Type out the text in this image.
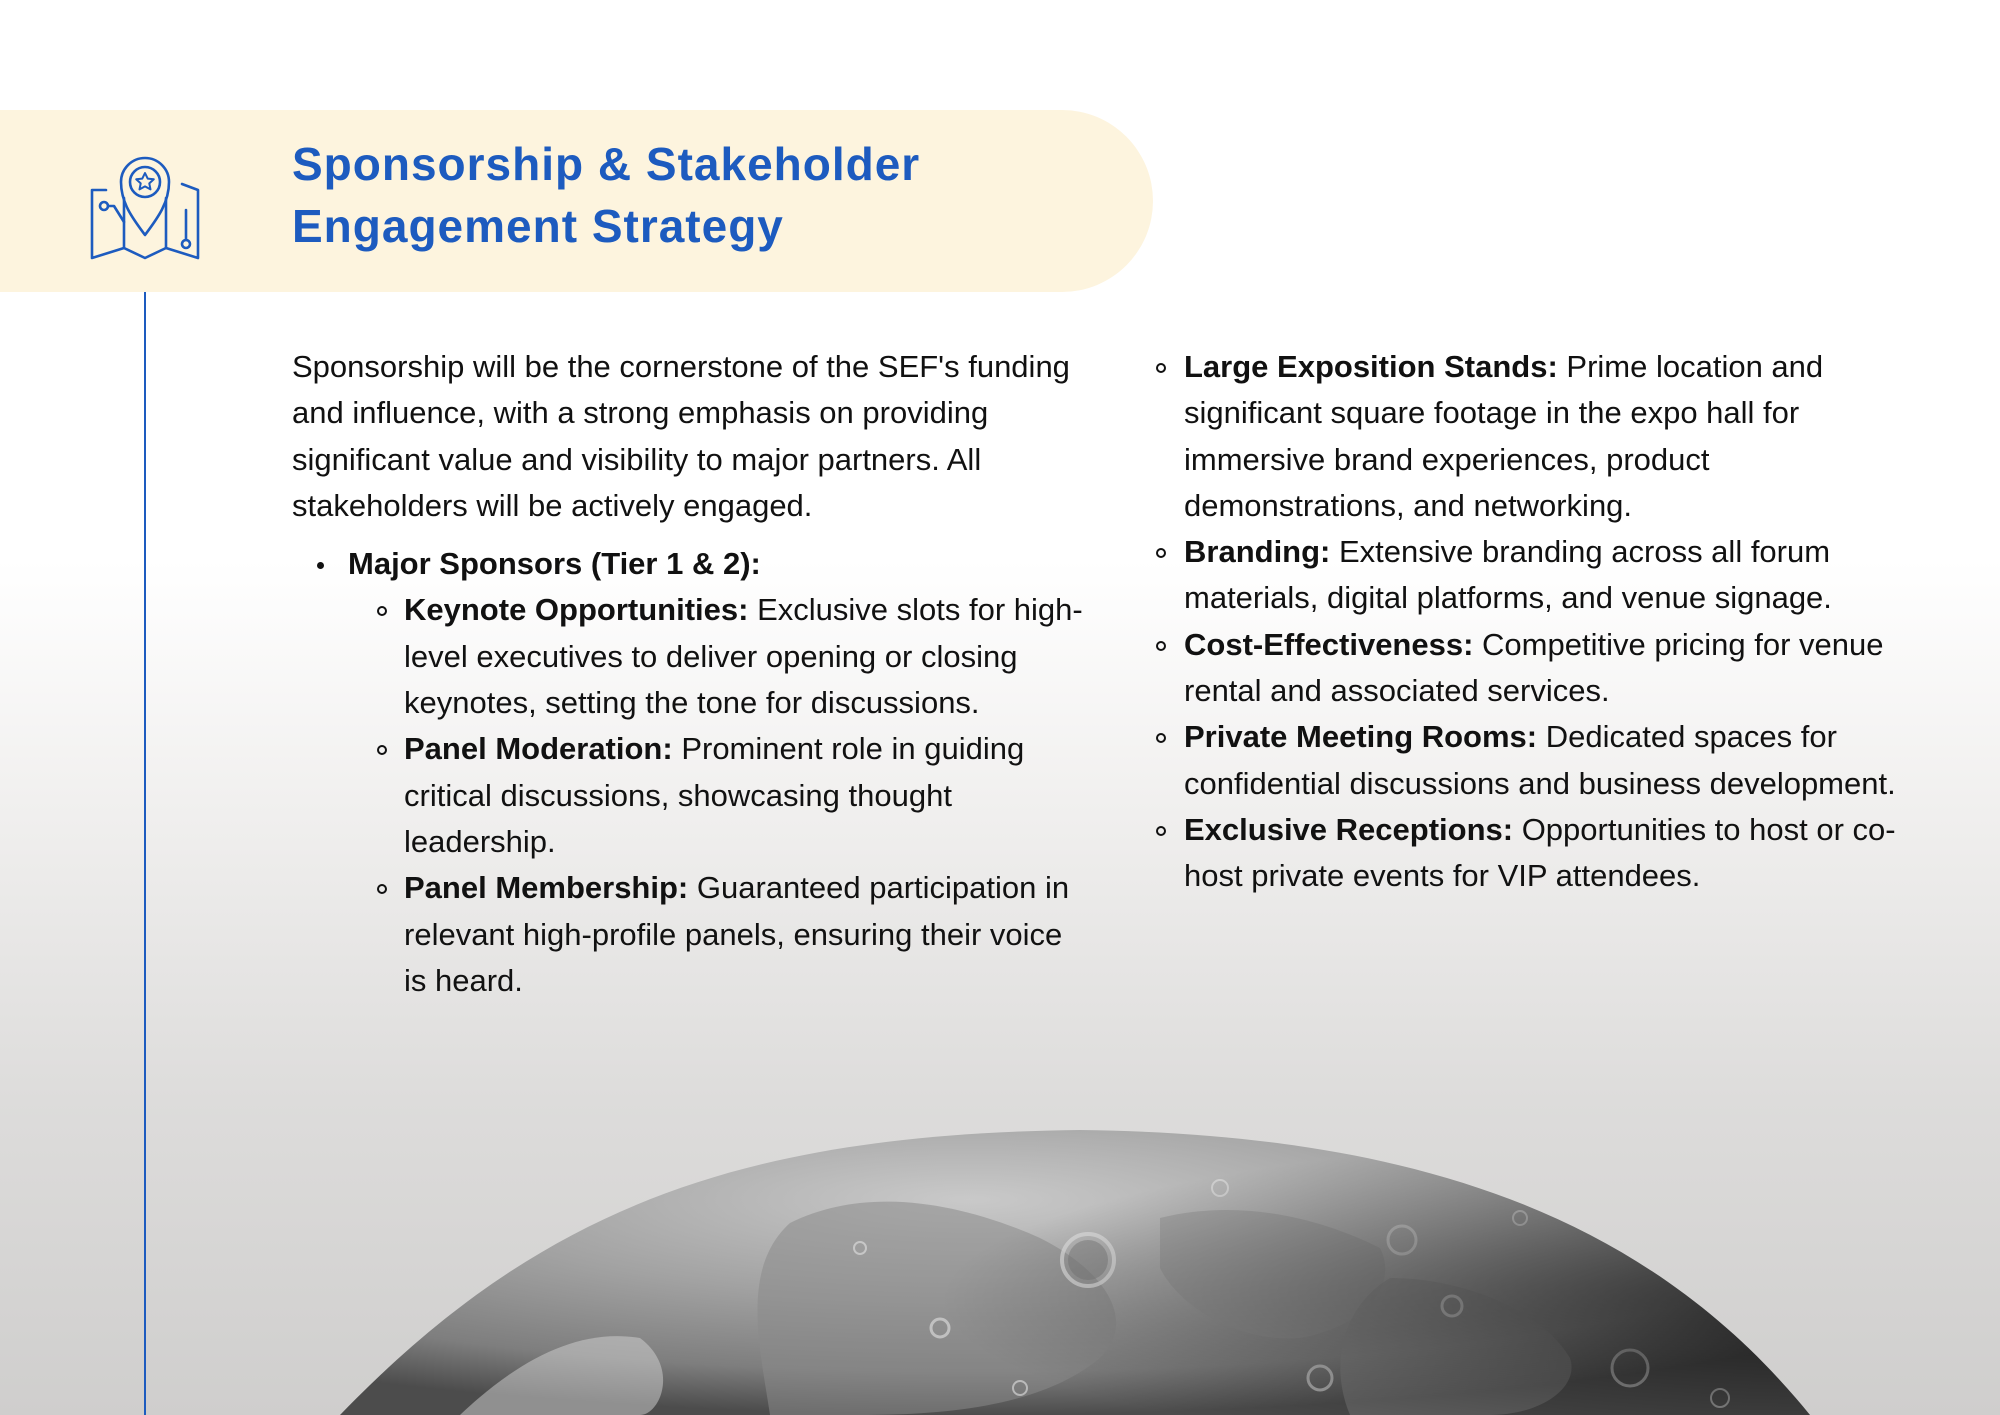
Sponsorship & Stakeholder
Engagement Strategy

Sponsorship will be the cornerstone of the SEF's funding and influence, with a strong emphasis on providing significant value and visibility to major partners. All stakeholders will be actively engaged.

Major Sponsors (Tier 1 & 2):
Keynote Opportunities: Exclusive slots for high-level executives to deliver opening or closing keynotes, setting the tone for discussions.
Panel Moderation: Prominent role in guiding critical discussions, showcasing thought leadership.
Panel Membership: Guaranteed participation in relevant high-profile panels, ensuring their voice is heard.
Large Exposition Stands: Prime location and significant square footage in the expo hall for immersive brand experiences, product demonstrations, and networking.
Branding: Extensive branding across all forum materials, digital platforms, and venue signage.
Cost-Effectiveness: Competitive pricing for venue rental and associated services.
Private Meeting Rooms: Dedicated spaces for confidential discussions and business development.
Exclusive Receptions: Opportunities to host or co-host private events for VIP attendees.
